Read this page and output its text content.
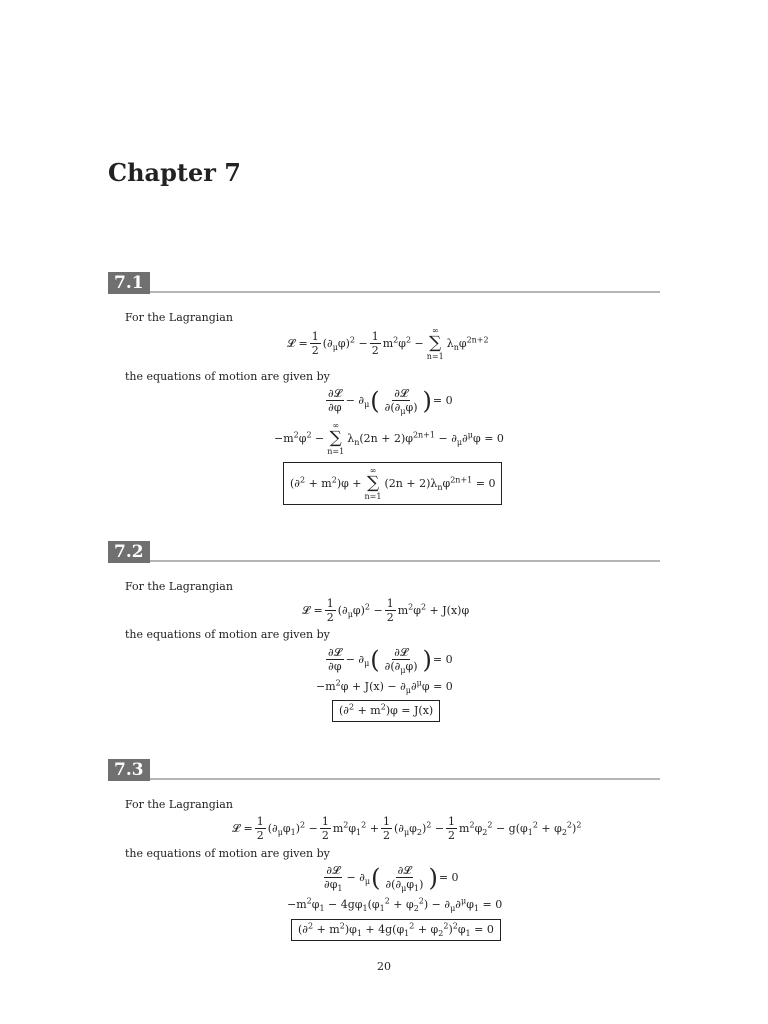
Chapter 7
7.1

For the Lagrangian

𝓛 = $\frac{1}{2} (\partial_\mu\varphi)^2 - \frac{1}{2} m^2\varphi^2$ −
∞
∑
n=1
$\lambda_n\varphi^{2n+2}$

the equations of motion are given by

$\frac{\text{∂𝓛}}{\partial\varphi} - \partial_\mu$ ( $\frac{\text{∂𝓛}}{\partial(\partial_\mu\varphi)}$ ) = 0
$-m^2\varphi^2$ −
∞
∑
n=1
$\lambda_n(2n + 2)\varphi^{2n+1} - \partial_\mu\partial^\mu\varphi = 0$
$(\partial^2 + m^2)\varphi$ +
∞
∑
n=1
$(2n + 2)\lambda_n\varphi^{2n+1} = 0$
7.2

For the Lagrangian

𝓛 = $\frac{1}{2} (\partial_\mu\varphi)^2 - \frac{1}{2} m^2\varphi^2 + J(x)\varphi$

the equations of motion are given by

$\frac{\text{∂𝓛}}{\partial\varphi} - \partial_\mu$ ( $\frac{\text{∂𝓛}}{\partial(\partial_\mu\varphi)}$ ) = 0
$-m^2\varphi + J(x) - \partial_\mu\partial^\mu\varphi = 0$
$(\partial^2 + m^2)\varphi = J(x)$
7.3

For the Lagrangian

𝓛 = $\frac{1}{2} (\partial_\mu\varphi_1)^2 - \frac{1}{2} m^2\varphi_1^2 + \frac{1}{2} (\partial_\mu\varphi_2)^2 - \frac{1}{2} m^2\varphi_2^2 - g(\varphi_1^2 + \varphi_2^2)^2$

the equations of motion are given by

$\frac{\text{∂𝓛}}{\partial\varphi_1} - \partial_\mu$ ( $\frac{\text{∂𝓛}}{\partial(\partial_\mu\varphi_1)}$ ) = 0
$-m^2\varphi_1 - 4g\varphi_1(\varphi_1^2 + \varphi_2^2) - \partial_\mu\partial^\mu\varphi_1 = 0$
$(\partial^2 + m^2)\varphi_1 + 4g(\varphi_1^2 + \varphi_2^2)^2\varphi_1 = 0$
20
